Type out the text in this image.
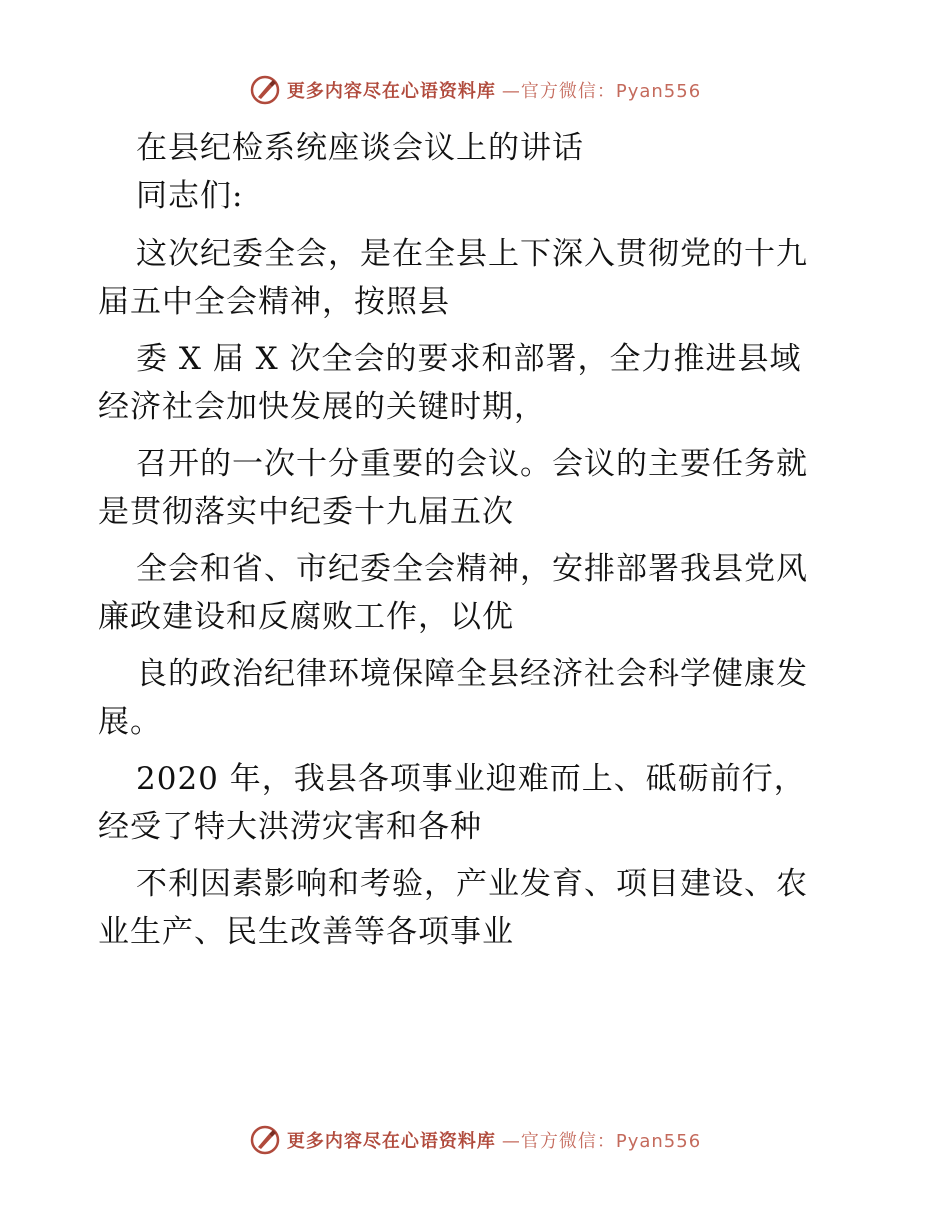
更多内容尽在心语资料库 —官方微信：Pyan556
在县纪检系统座谈会议上的讲话
同志们:
这次纪委全会，是在全县上下深入贯彻党的十九
届五中全会精神，按照县
委 X 届 X 次全会的要求和部署，全力推进县域
经济社会加快发展的关键时期，
召开的一次十分重要的会议。会议的主要任务就
是贯彻落实中纪委十九届五次
全会和省、市纪委全会精神，安排部署我县党风
廉政建设和反腐败工作，以优
良的政治纪律环境保障全县经济社会科学健康发
展。
2020 年，我县各项事业迎难而上、砥砺前行，
经受了特大洪涝灾害和各种
不利因素影响和考验，产业发育、项目建设、农
业生产、民生改善等各项事业
更多内容尽在心语资料库 —官方微信：Pyan556
